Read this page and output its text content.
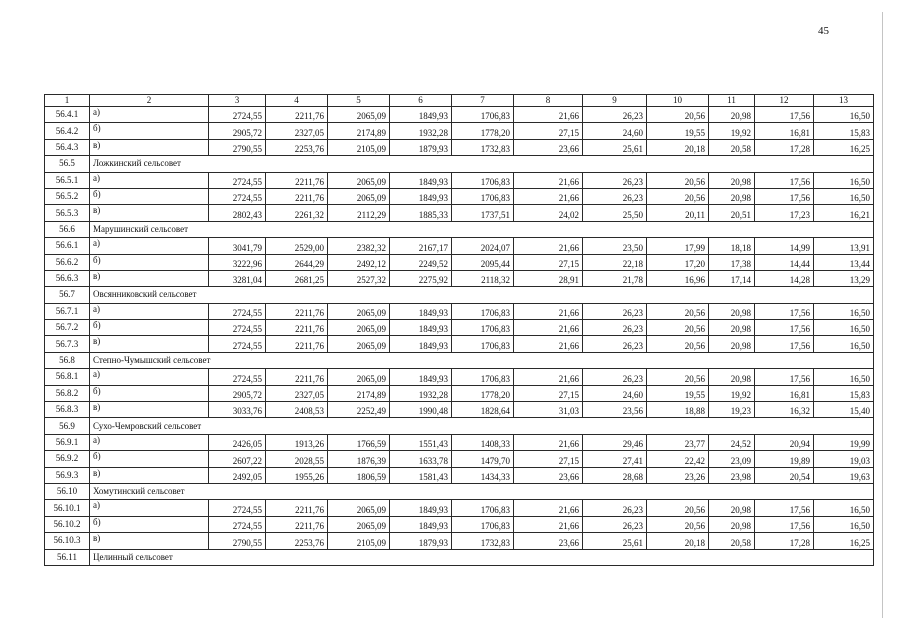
45
1	2	3	4	5	6	7	8	9	10	11	12	13
56.4.1	а)	2724,55	2211,76	2065,09	1849,93	1706,83	21,66	26,23	20,56	20,98	17,56	16,50
56.4.2	б)	2905,72	2327,05	2174,89	1932,28	1778,20	27,15	24,60	19,55	19,92	16,81	15,83
56.4.3	в)	2790,55	2253,76	2105,09	1879,93	1732,83	23,66	25,61	20,18	20,58	17,28	16,25
56.5	Ложкинский сельсовет											
56.5.1	а)	2724,55	2211,76	2065,09	1849,93	1706,83	21,66	26,23	20,56	20,98	17,56	16,50
56.5.2	б)	2724,55	2211,76	2065,09	1849,93	1706,83	21,66	26,23	20,56	20,98	17,56	16,50
56.5.3	в)	2802,43	2261,32	2112,29	1885,33	1737,51	24,02	25,50	20,11	20,51	17,23	16,21
56.6	Марушинский сельсовет											
56.6.1	а)	3041,79	2529,00	2382,32	2167,17	2024,07	21,66	23,50	17,99	18,18	14,99	13,91
56.6.2	б)	3222,96	2644,29	2492,12	2249,52	2095,44	27,15	22,18	17,20	17,38	14,44	13,44
56.6.3	в)	3281,04	2681,25	2527,32	2275,92	2118,32	28,91	21,78	16,96	17,14	14,28	13,29
56.7	Овсянниковский сельсовет											
56.7.1	а)	2724,55	2211,76	2065,09	1849,93	1706,83	21,66	26,23	20,56	20,98	17,56	16,50
56.7.2	б)	2724,55	2211,76	2065,09	1849,93	1706,83	21,66	26,23	20,56	20,98	17,56	16,50
56.7.3	в)	2724,55	2211,76	2065,09	1849,93	1706,83	21,66	26,23	20,56	20,98	17,56	16,50
56.8	Степно-Чумышский сельсовет											
56.8.1	а)	2724,55	2211,76	2065,09	1849,93	1706,83	21,66	26,23	20,56	20,98	17,56	16,50
56.8.2	б)	2905,72	2327,05	2174,89	1932,28	1778,20	27,15	24,60	19,55	19,92	16,81	15,83
56.8.3	в)	3033,76	2408,53	2252,49	1990,48	1828,64	31,03	23,56	18,88	19,23	16,32	15,40
56.9	Сухо-Чемровский сельсовет											
56.9.1	а)	2426,05	1913,26	1766,59	1551,43	1408,33	21,66	29,46	23,77	24,52	20,94	19,99
56.9.2	б)	2607,22	2028,55	1876,39	1633,78	1479,70	27,15	27,41	22,42	23,09	19,89	19,03
56.9.3	в)	2492,05	1955,26	1806,59	1581,43	1434,33	23,66	28,68	23,26	23,98	20,54	19,63
56.10	Хомутинский сельсовет											
56.10.1	а)	2724,55	2211,76	2065,09	1849,93	1706,83	21,66	26,23	20,56	20,98	17,56	16,50
56.10.2	б)	2724,55	2211,76	2065,09	1849,93	1706,83	21,66	26,23	20,56	20,98	17,56	16,50
56.10.3	в)	2790,55	2253,76	2105,09	1879,93	1732,83	23,66	25,61	20,18	20,58	17,28	16,25
56.11	Целинный сельсовет											
